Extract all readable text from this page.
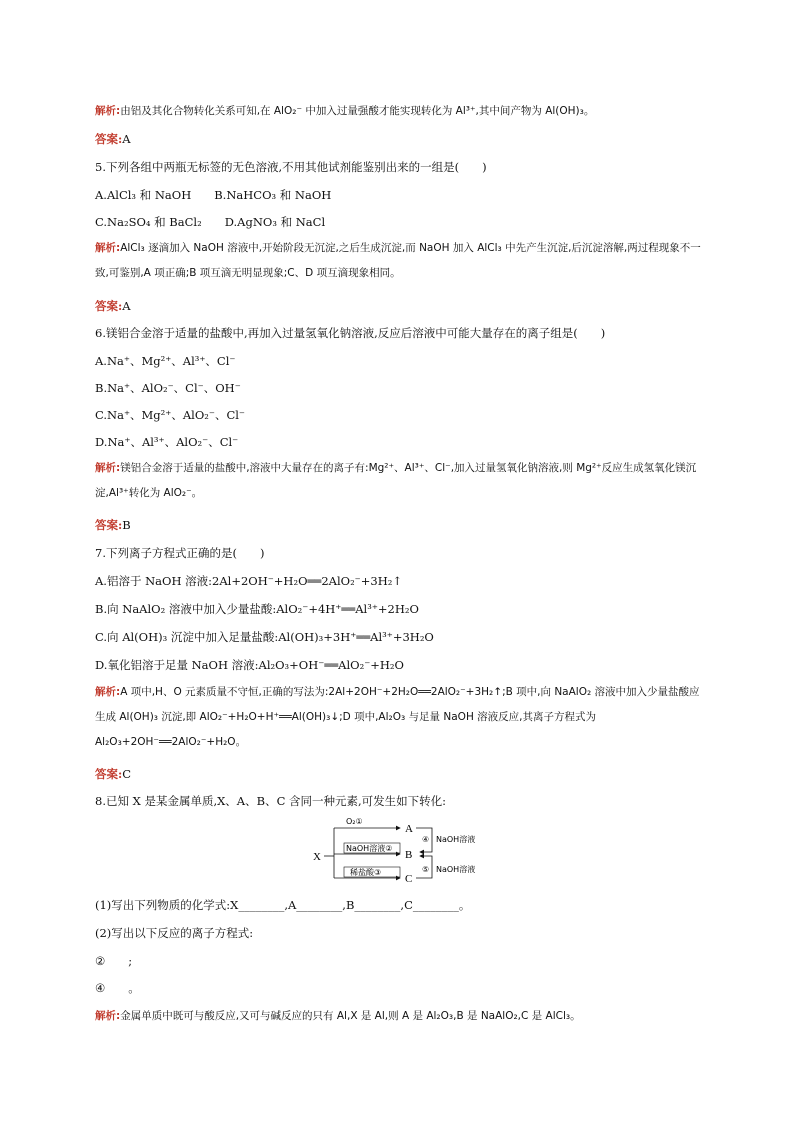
解析:由铝及其化合物转化关系可知,在 AlO₂⁻ 中加入过量强酸才能实现转化为 Al³⁺,其中间产物为 Al(OH)₃。
答案:A
5.下列各组中两瓶无标签的无色溶液,不用其他试剂能鉴别出来的一组是(　　)
A.AlCl₃ 和 NaOH　　B.NaHCO₃ 和 NaOH
C.Na₂SO₄ 和 BaCl₂　　D.AgNO₃ 和 NaCl
解析:AlCl₃ 逐滴加入 NaOH 溶液中,开始阶段无沉淀,之后生成沉淀,而 NaOH 加入 AlCl₃ 中先产生沉淀,后沉淀溶解,两过程现象不一致,可鉴别,A 项正确;B 项互滴无明显现象;C、D 项互滴现象相同。
答案:A
6.镁铝合金溶于适量的盐酸中,再加入过量氢氧化钠溶液,反应后溶液中可能大量存在的离子组是(　　)
A.Na⁺、Mg²⁺、Al³⁺、Cl⁻
B.Na⁺、AlO₂⁻、Cl⁻、OH⁻
C.Na⁺、Mg²⁺、AlO₂⁻、Cl⁻
D.Na⁺、Al³⁺、AlO₂⁻、Cl⁻
解析:镁铝合金溶于适量的盐酸中,溶液中大量存在的离子有:Mg²⁺、Al³⁺、Cl⁻,加入过量氢氧化钠溶液,则 Mg²⁺反应生成氢氧化镁沉淀,Al³⁺转化为 AlO₂⁻。
答案:B
7.下列离子方程式正确的是(　　)
A.铝溶于 NaOH 溶液:2Al+2OH⁻+H₂O══2AlO₂⁻+3H₂↑
B.向 NaAlO₂ 溶液中加入少量盐酸:AlO₂⁻+4H⁺══Al³⁺+2H₂O
C.向 Al(OH)₃ 沉淀中加入足量盐酸:Al(OH)₃+3H⁺══Al³⁺+3H₂O
D.氧化铝溶于足量 NaOH 溶液:Al₂O₃+OH⁻══AlO₂⁻+H₂O
解析:A 项中,H、O 元素质量不守恒,正确的写法为:2Al+2OH⁻+2H₂O══2AlO₂⁻+3H₂↑;B 项中,向 NaAlO₂ 溶液中加入少量盐酸应生成 Al(OH)₃ 沉淀,即 AlO₂⁻+H₂O+H⁺══Al(OH)₃↓;D 项中,Al₂O₃ 与足量 NaOH 溶液反应,其离子方程式为 Al₂O₃+2OH⁻══2AlO₂⁻+H₂O。
答案:C
8.已知 X 是某金属单质,X、A、B、C 含同一种元素,可发生如下转化:
X
O₂①
NaOH溶液②
稀盐酸③
A
B
C
④ NaOH溶液
⑤ NaOH溶液
(1)写出下列物质的化学式:X________,A________,B________,C________。
(2)写出以下反应的离子方程式:
②　　;
④　　。
解析:金属单质中既可与酸反应,又可与碱反应的只有 Al,X 是 Al,则 A 是 Al₂O₃,B 是 NaAlO₂,C 是 AlCl₃。
